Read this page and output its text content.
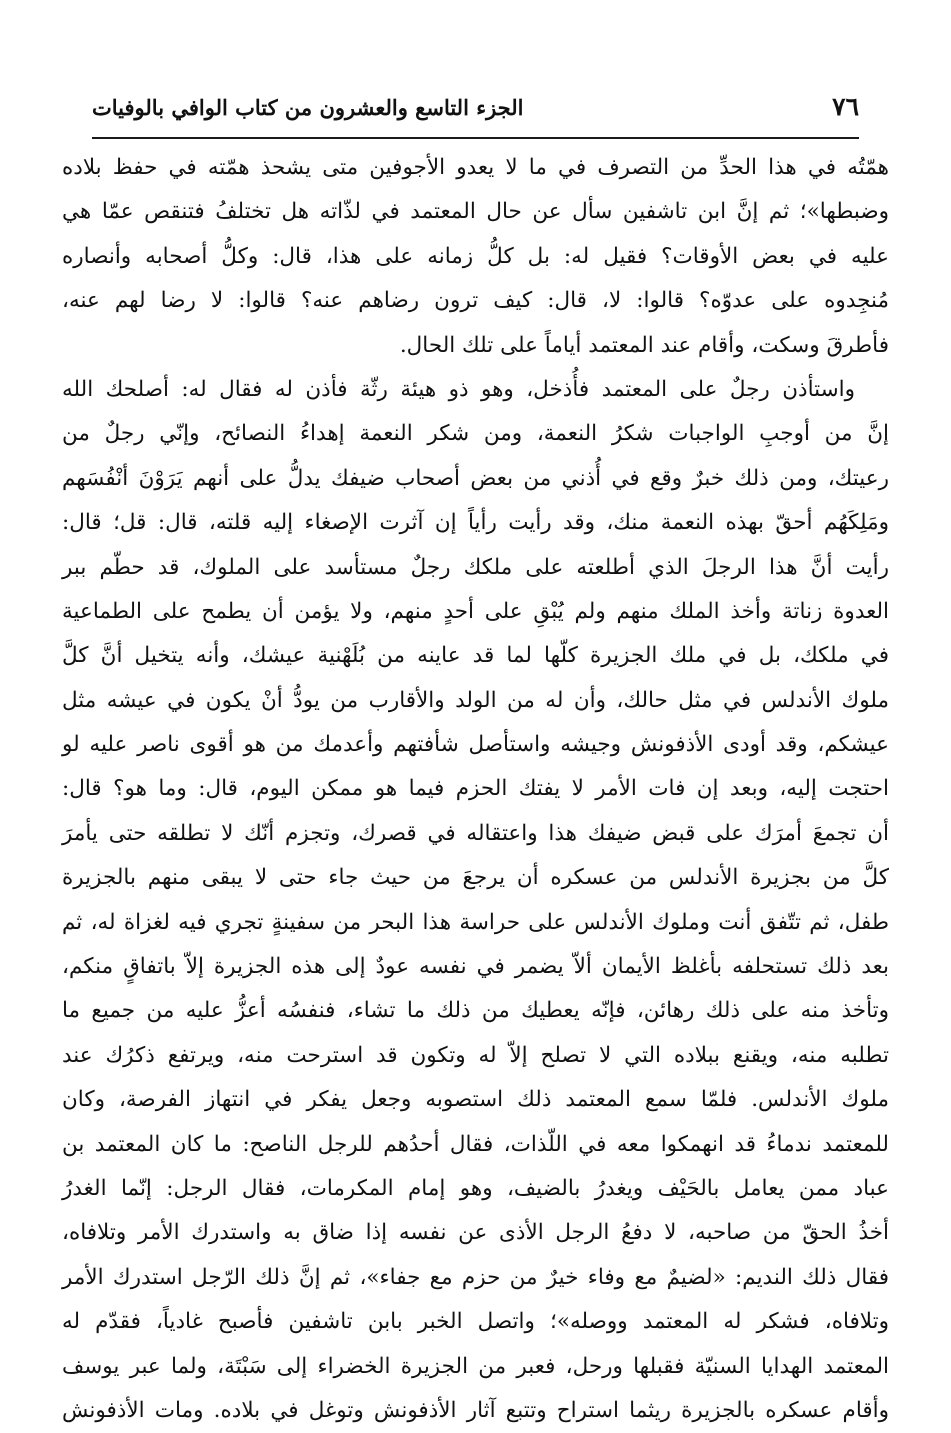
٧٦
الجزء التاسع والعشرون من كتاب الوافي بالوفيات
همّتُه في هذا الحدِّ من التصرف في ما لا يعدو الأجوفين متى يشحذ همّته في حفظ بلاده
وضبطها»؛ ثم إنَّ ابن تاشفين سأل عن حال المعتمد في لذّاته هل تختلفُ فتنقص عمّا هي
عليه في بعض الأوقات؟ فقيل له: بل كلُّ زمانه على هذا، قال: وكلُّ أصحابه وأنصاره
مُنجِدوه على عدوّه؟ قالوا: لا، قال: كيف ترون رضاهم عنه؟ قالوا: لا رضا لهم عنه،
فأطرقَ وسكت، وأقام عند المعتمد أياماً على تلك الحال.
واستأذن رجلٌ على المعتمد فأُذخل، وهو ذو هيئة رثّة فأذن له فقال له: أصلحك الله
إنَّ من أوجبِ الواجبات شكرُ النعمة، ومن شكر النعمة إهداءُ النصائح، وإنّي رجلٌ من
رعيتك، ومن ذلك خبرٌ وقع في أُذني من بعض أصحاب ضيفك يدلُّ على أنهم يَرَوْنَ أنْفُسَهم
ومَلِكَهُم أحقّ بهذه النعمة منك، وقد رأيت رأياً إن آثرت الإصغاء إليه قلته، قال: قل؛ قال:
رأيت أنَّ هذا الرجلَ الذي أطلعته على ملكك رجلٌ مستأسد على الملوك، قد حطّم ببر
العدوة زناتة وأخذ الملك منهم ولم يُبْقِ على أحدٍ منهم، ولا يؤمن أن يطمح على الطماعية
في ملكك، بل في ملك الجزيرة كلّها لما قد عاينه من بُلَهْنية عيشك، وأنه يتخيل أنَّ كلَّ
ملوك الأندلس في مثل حالك، وأن له من الولد والأقارب من يودُّ أنْ يكون في عيشه مثل
عيشكم، وقد أودى الأذفونش وجيشه واستأصل شأفتهم وأعدمك من هو أقوى ناصر عليه لو
احتجت إليه، وبعد إن فات الأمر لا يفتك الحزم فيما هو ممكن اليوم، قال: وما هو؟ قال:
أن تجمعَ أمرَك على قبض ضيفك هذا واعتقاله في قصرك، وتجزم أنّك لا تطلقه حتى يأمرَ
كلَّ من بجزيرة الأندلس من عسكره أن يرجعَ من حيث جاء حتى لا يبقى منهم بالجزيرة
طفل، ثم تتّفق أنت وملوك الأندلس على حراسة هذا البحر من سفينةٍ تجري فيه لغزاة له، ثم
بعد ذلك تستحلفه بأغلظ الأيمان ألاّ يضمر في نفسه عودٌ إلى هذه الجزيرة إلاّ باتفاقٍ منكم،
وتأخذ منه على ذلك رهائن، فإنّه يعطيك من ذلك ما تشاء، فنفسُه أعزُّ عليه من جميع ما
تطلبه منه، ويقنع ببلاده التي لا تصلح إلاّ له وتكون قد استرحت منه، ويرتفع ذكرُك عند
ملوك الأندلس. فلمّا سمع المعتمد ذلك استصوبه وجعل يفكر في انتهاز الفرصة، وكان
للمعتمد ندماءُ قد انهمكوا معه في اللّذات، فقال أحدُهم للرجل الناصح: ما كان المعتمد بن
عباد ممن يعامل بالحَيْف ويغدرُ بالضيف، وهو إمام المكرمات، فقال الرجل: إنّما الغدرُ
أخذُ الحقّ من صاحبه، لا دفعُ الرجل الأذى عن نفسه إذا ضاق به واستدرك الأمر وتلافاه،
فقال ذلك النديم: «لضيمٌ مع وفاء خيرٌ من حزم مع جفاء»، ثم إنَّ ذلك الرّجل استدرك الأمر
وتلافاه، فشكر له المعتمد ووصله»؛ واتصل الخبر بابن تاشفين فأصبح غادياً، فقدّم له
المعتمد الهدايا السنيّة فقبلها ورحل، فعبر من الجزيرة الخضراء إلى سَبْتَة، ولما عبر يوسف
وأقام عسكره بالجزيرة ريثما استراح وتتبع آثار الأذفونش وتوغل في بلاده. ومات الأذفونش
